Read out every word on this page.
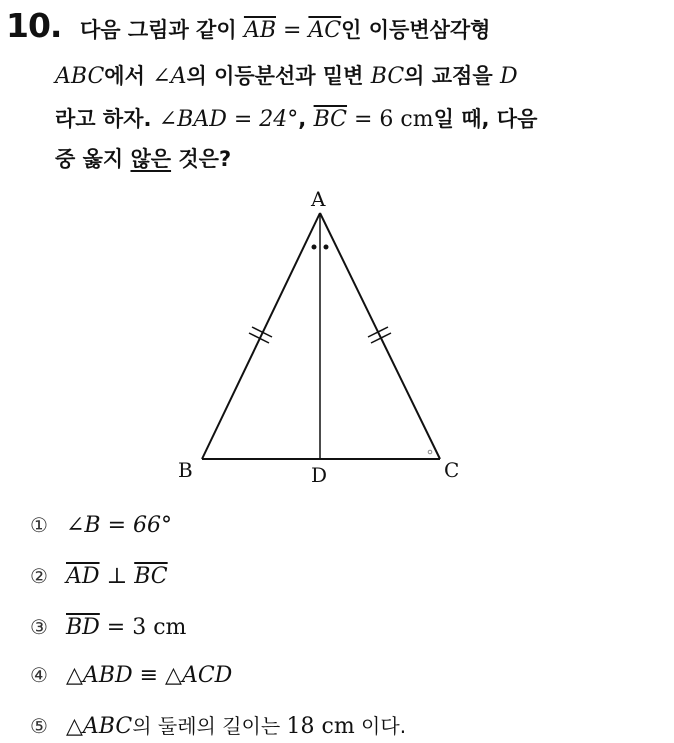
10. 다음 그림과 같이 $\overline{AB} = \overline{AC}$인 이등변삼각형
ABC에서 ∠A의 이등분선과 밑변 BC의 교점을 D
라고 하자. ∠BAD = 24°, $\overline{BC} = 6$ cm일 때, 다음
중 옳지 않은 것은?
A
B	C
D
① ∠B = 66°
② $\overline{AD}$ ⊥ $\overline{BC}$
③ $\overline{BD} = 3$ cm
④ △ABD ≡ △ACD
⑤ △ABC의 둘레의 길이는 18 cm 이다.
